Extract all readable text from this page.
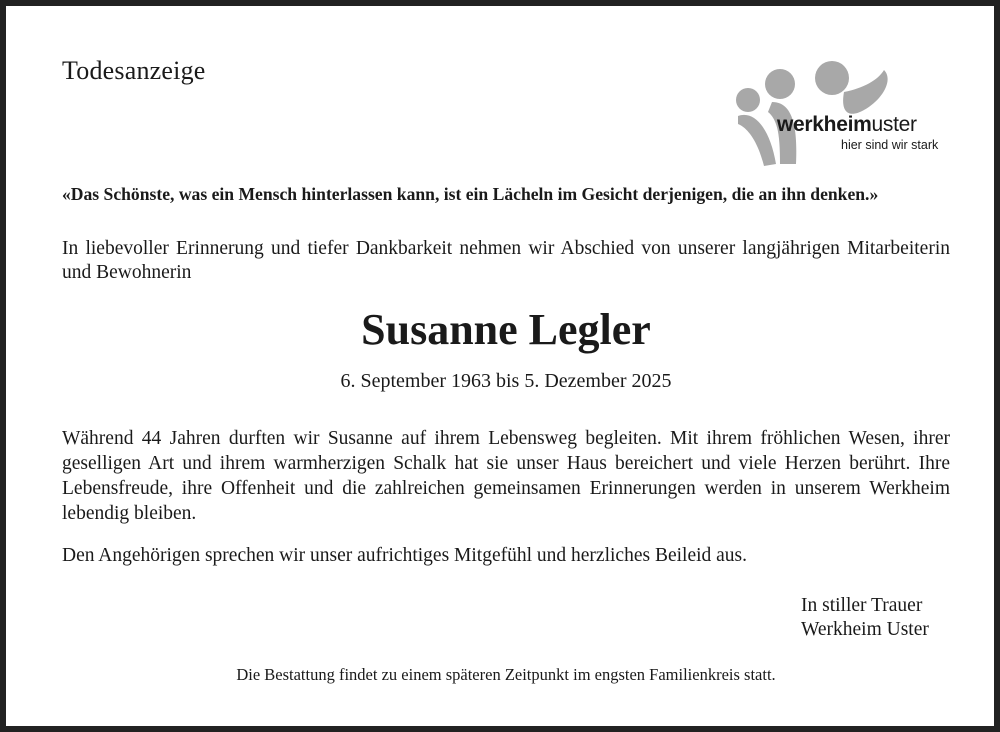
Todesanzeige
werkheimuster
hier sind wir stark
«Das Schönste, was ein Mensch hinterlassen kann, ist ein Lächeln im Gesicht derjenigen, die an ihn denken.»
In liebevoller Erinnerung und tiefer Dankbarkeit nehmen wir Abschied von unserer langjährigen Mitarbeiterin und Bewohnerin
Susanne Legler
6. September 1963 bis 5. Dezember 2025
Während 44 Jahren durften wir Susanne auf ihrem Lebensweg begleiten. Mit ihrem fröhlichen Wesen, ihrer geselligen Art und ihrem warmherzigen Schalk hat sie unser Haus bereichert und viele Herzen berührt. Ihre Lebensfreude, ihre Offenheit und die zahlreichen gemeinsamen Erinnerungen werden in unserem Werkheim lebendig bleiben.
Den Angehörigen sprechen wir unser aufrichtiges Mitgefühl und herzliches Beileid aus.
In stiller Trauer
Werkheim Uster
Die Bestattung findet zu einem späteren Zeitpunkt im engsten Familienkreis statt.
